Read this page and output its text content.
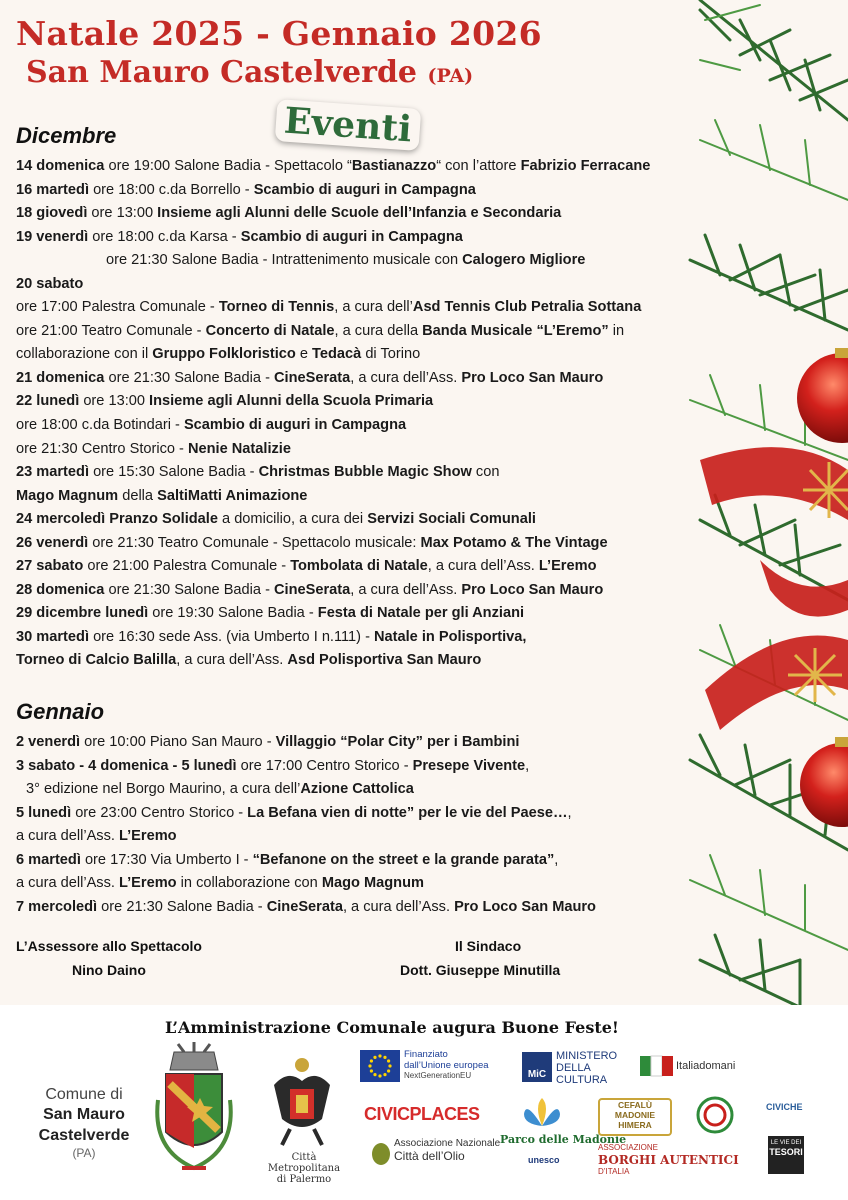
Natale 2025 - Gennaio 2026
San Mauro Castelverde (PA)
Eventi
Dicembre
14 domenica ore 19:00 Salone Badia - Spettacolo “Bastianazzo“ con l’attore Fabrizio Ferracane
16 martedì ore 18:00 c.da Borrello - Scambio di auguri in Campagna
18 giovedì ore 13:00 Insieme agli Alunni delle Scuole dell’Infanzia e Secondaria
19 venerdì ore 18:00 c.da Karsa - Scambio di auguri in Campagna
ore 21:30 Salone Badia - Intrattenimento musicale con Calogero Migliore
20 sabato
ore 17:00 Palestra Comunale - Torneo di Tennis, a cura dell’Asd Tennis Club Petralia Sottana
ore 21:00 Teatro Comunale - Concerto di Natale, a cura della Banda Musicale “L’Eremo” in
collaborazione con il Gruppo Folkloristico e Tedacà di Torino
21 domenica ore 21:30 Salone Badia - CineSerata, a cura dell’Ass. Pro Loco San Mauro
22 lunedì ore 13:00 Insieme agli Alunni della Scuola Primaria
ore 18:00 c.da Botindari - Scambio di auguri in Campagna
ore 21:30 Centro Storico - Nenie Natalizie
23 martedì ore 15:30 Salone Badia - Christmas Bubble Magic Show con
Mago Magnum della SaltiMatti Animazione
24 mercoledì Pranzo Solidale a domicilio, a cura dei Servizi Sociali Comunali
26 venerdì ore 21:30 Teatro Comunale - Spettacolo musicale: Max Potamo & The Vintage
27 sabato ore 21:00 Palestra Comunale - Tombolata di Natale, a cura dell’Ass. L’Eremo
28 domenica ore 21:30 Salone Badia - CineSerata, a cura dell’Ass. Pro Loco San Mauro
29 dicembre lunedì ore 19:30 Salone Badia - Festa di Natale per gli Anziani
30 martedì ore 16:30 sede Ass. (via Umberto I n.111) - Natale in Polisportiva,
Torneo di Calcio Balilla, a cura dell’Ass. Asd Polisportiva San Mauro
Gennaio
2 venerdì ore 10:00 Piano San Mauro - Villaggio “Polar City” per i Bambini
3 sabato - 4 domenica - 5 lunedì ore 17:00 Centro Storico - Presepe Vivente,
3° edizione nel Borgo Maurino, a cura dell’Azione Cattolica
5 lunedì ore 23:00 Centro Storico - La Befana vien di notte” per le vie del Paese…,
a cura dell’Ass. L’Eremo
6 martedì ore 17:30 Via Umberto I - “Befanone on the street e la grande parata”,
a cura dell’Ass. L’Eremo in collaborazione con Mago Magnum
7 mercoledì ore 21:30 Salone Badia - CineSerata, a cura dell’Ass. Pro Loco San Mauro
L’Assessore allo Spettacolo
Nino Daino
Il Sindaco
Dott. Giuseppe Minutilla
L’Amministrazione Comunale augura Buone Feste!
Comune di
San Mauro
Castelverde
(PA)	Città Metropolitana
di Palermo
Finanziato
dall’Unione europea
NextGenerationEU	MiC
MINISTERO
DELLA
CULTURA
Italiadomani
CIVICPLACES
Associazione Nazionale
Città dell’Olio
Parco delle Madonie
unesco
CEFALÙ
MADONIE
HIMERA
ASSOCIAZIONE
BORGHI AUTENTICI
D’ITALIA
CIVICHE
LE VIE DEI
TESORI
